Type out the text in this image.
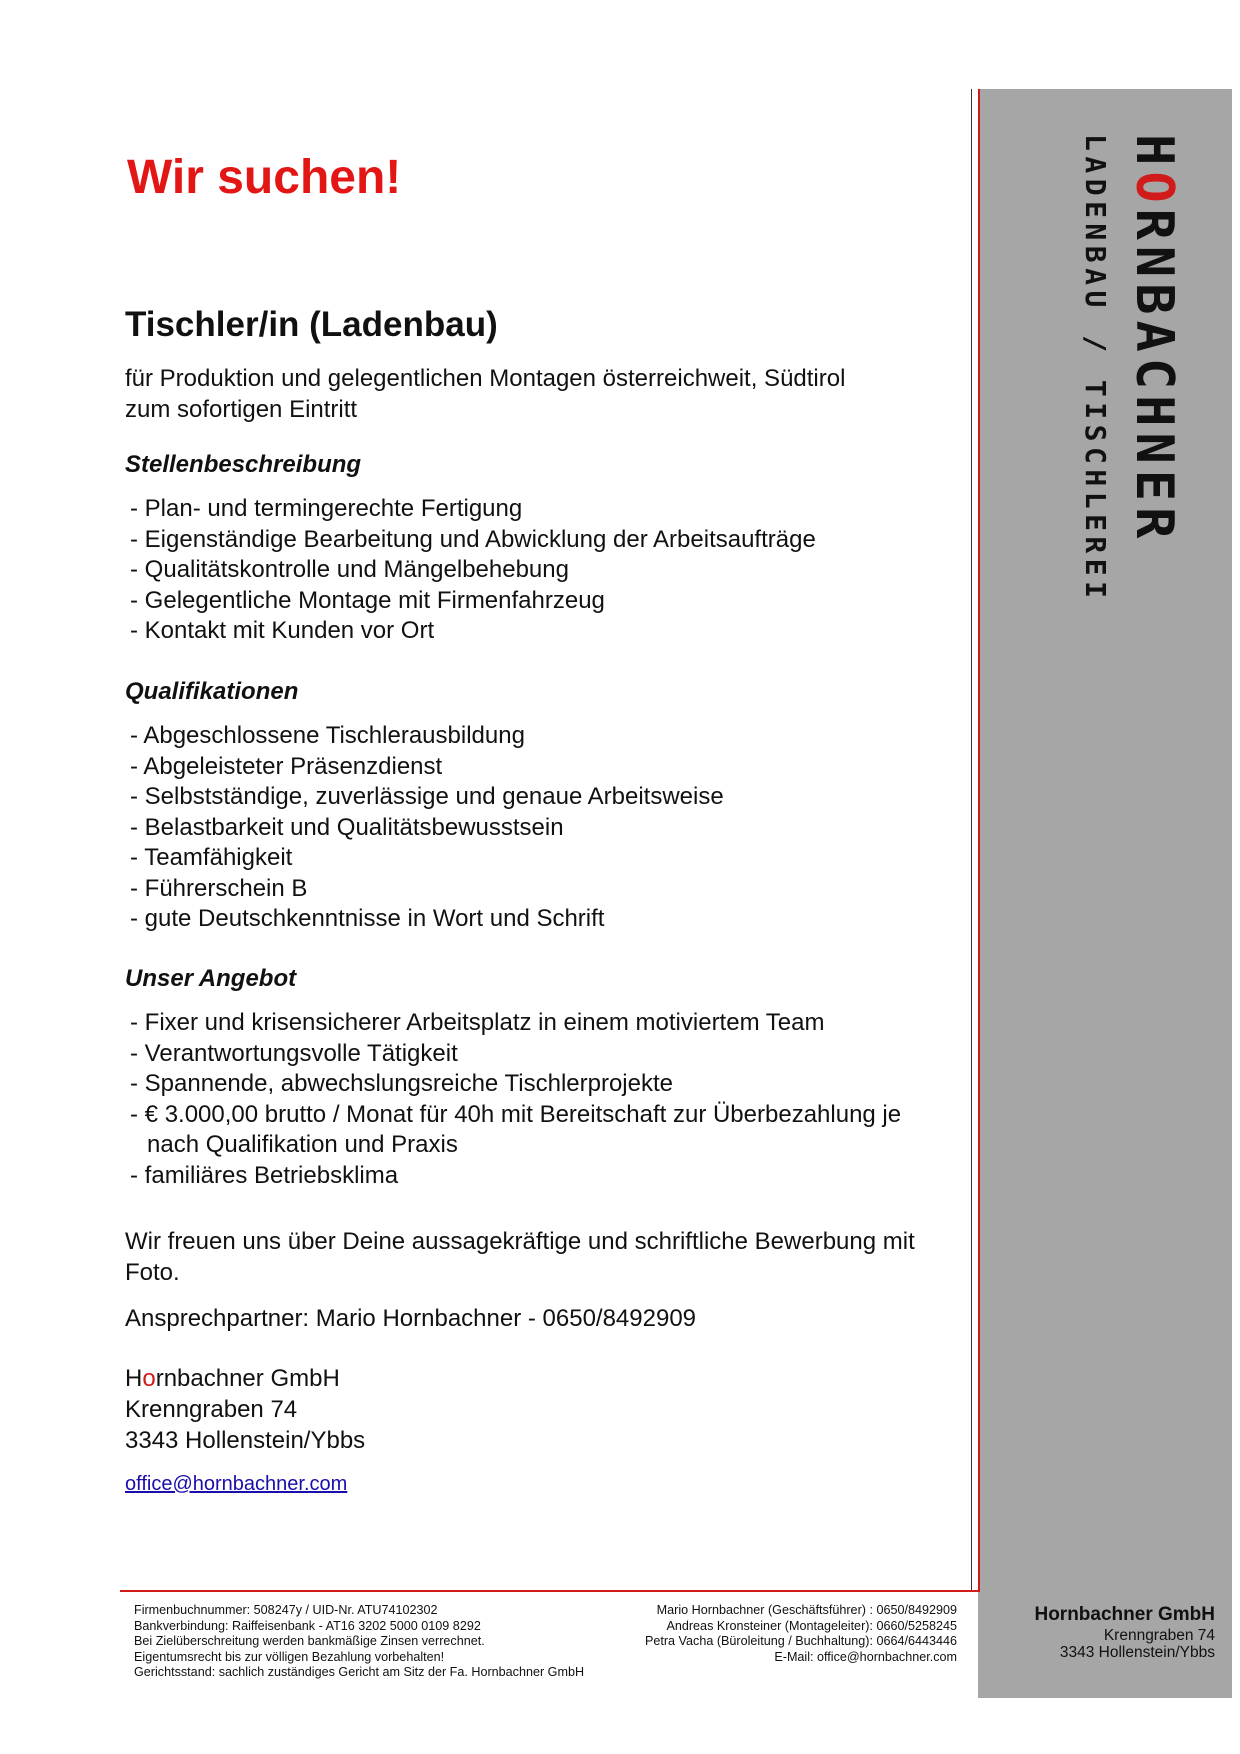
HORNBACHNER
LADENBAU / TISCHLEREI
Wir suchen!
Tischler/in (Ladenbau)
für Produktion und gelegentlichen Montagen österreichweit, Südtirol
zum sofortigen Eintritt
Stellenbeschreibung
- Plan- und termingerechte Fertigung
- Eigenständige Bearbeitung und Abwicklung der Arbeitsaufträge
- Qualitätskontrolle und Mängelbehebung
- Gelegentliche Montage mit Firmenfahrzeug
- Kontakt mit Kunden vor Ort
Qualifikationen
- Abgeschlossene Tischlerausbildung
- Abgeleisteter Präsenzdienst
- Selbstständige, zuverlässige und genaue Arbeitsweise
- Belastbarkeit und Qualitätsbewusstsein
- Teamfähigkeit
- Führerschein B
- gute Deutschkenntnisse in Wort und Schrift
Unser Angebot
- Fixer und krisensicherer Arbeitsplatz in einem motiviertem Team
- Verantwortungsvolle Tätigkeit
- Spannende, abwechslungsreiche Tischlerprojekte
- € 3.000,00 brutto / Monat für 40h mit Bereitschaft zur Überbezahlung je nach Qualifikation und Praxis
- familiäres Betriebsklima
Wir freuen uns über Deine aussagekräftige und schriftliche Bewerbung mit Foto.
Ansprechpartner: Mario Hornbachner - 0650/8492909
Hornbachner GmbH
Krenngraben 74
3343 Hollenstein/Ybbs
office@hornbachner.com
Firmenbuchnummer: 508247y / UID-Nr. ATU74102302
Bankverbindung: Raiffeisenbank - AT16 3202 5000 0109 8292
Bei Zielüberschreitung werden bankmäßige Zinsen verrechnet.
Eigentumsrecht bis zur völligen Bezahlung vorbehalten!
Gerichtsstand: sachlich zuständiges Gericht am Sitz der Fa. Hornbachner GmbH
Mario Hornbachner (Geschäftsführer) : 0650/8492909
Andreas Kronsteiner (Montageleiter): 0660/5258245
Petra Vacha (Büroleitung / Buchhaltung): 0664/6443446
E-Mail: office@hornbachner.com
Hornbachner GmbH
Krenngraben 74
3343 Hollenstein/Ybbs
